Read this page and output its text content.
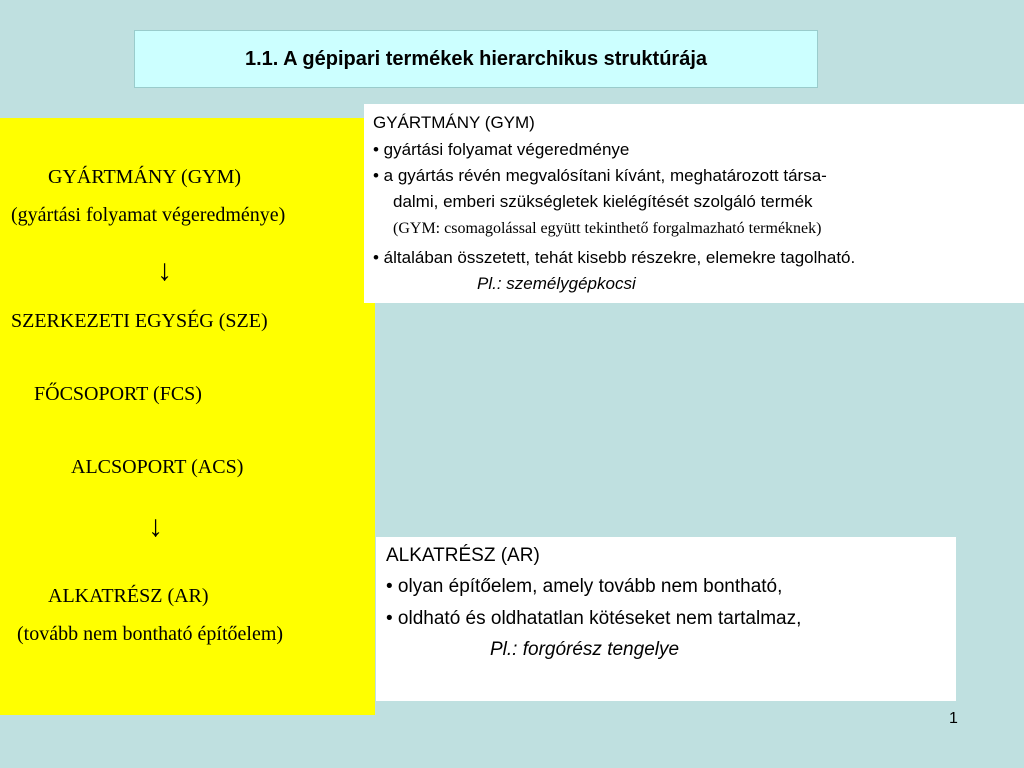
1.1. A gépipari termékek hierarchikus struktúrája
GYÁRTMÁNY (GYM)
(gyártási folyamat végeredménye)
↓
SZERKEZETI EGYSÉG (SZE)
FŐCSOPORT (FCS)
ALCSOPORT (ACS)
↓
ALKATRÉSZ (AR)
(tovább nem bontható építőelem)
GYÁRTMÁNY (GYM)
• gyártási folyamat végeredménye
• a gyártás révén megvalósítani kívánt, meghatározott társa-
dalmi, emberi szükségletek kielégítését szolgáló termék
(GYM: csomagolással együtt tekinthető forgalmazható terméknek)
• általában összetett, tehát kisebb részekre, elemekre tagolható.
Pl.: személygépkocsi
ALKATRÉSZ (AR)
• olyan építőelem, amely tovább nem bontható,
• oldható és oldhatatlan kötéseket nem tartalmaz,
Pl.: forgórész tengelye
1
